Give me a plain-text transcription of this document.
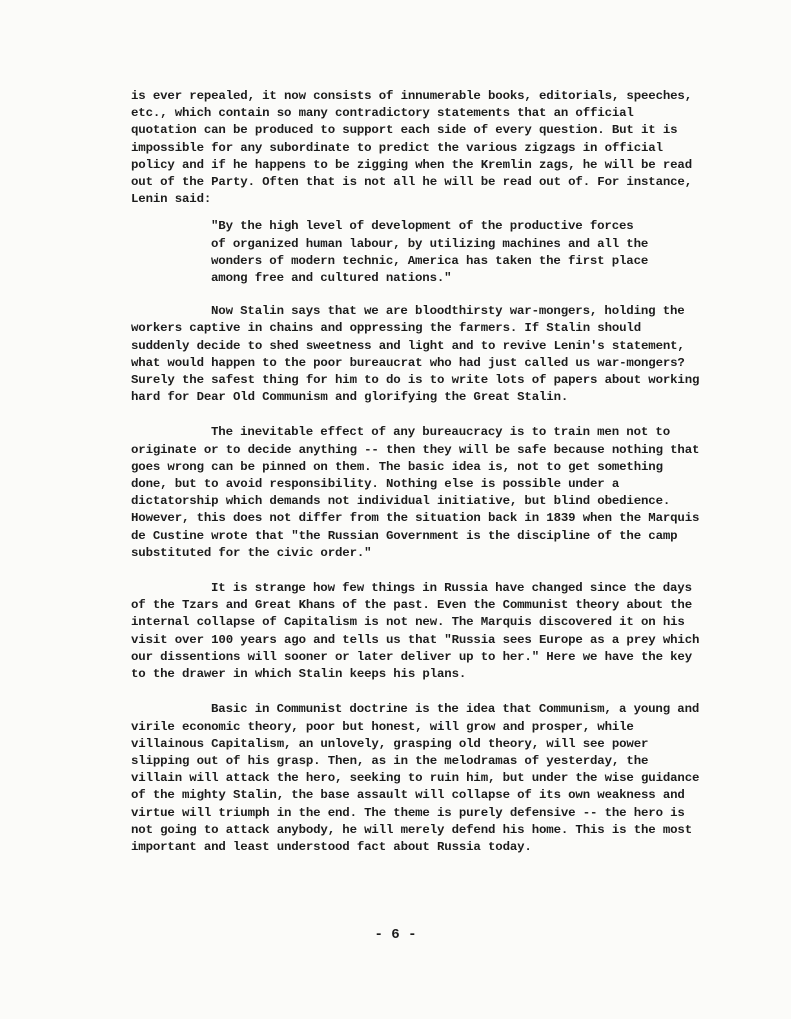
is ever repealed, it now consists of innumerable books, editorials, speeches, etc., which contain so many contradictory statements that an official quotation can be produced to support each side of every question. But it is impossible for any subordinate to predict the various zigzags in official policy and if he happens to be zigging when the Kremlin zags, he will be read out of the Party. Often that is not all he will be read out of. For instance, Lenin said:

"By the high level of development of the productive forces of organized human labour, by utilizing machines and all the wonders of modern technic, America has taken the first place among free and cultured nations."

Now Stalin says that we are bloodthirsty war-mongers, holding the workers captive in chains and oppressing the farmers. If Stalin should suddenly decide to shed sweetness and light and to revive Lenin's statement, what would happen to the poor bureaucrat who had just called us war-mongers? Surely the safest thing for him to do is to write lots of papers about working hard for Dear Old Communism and glorifying the Great Stalin.

The inevitable effect of any bureaucracy is to train men not to originate or to decide anything -- then they will be safe because nothing that goes wrong can be pinned on them. The basic idea is, not to get something done, but to avoid responsibility. Nothing else is possible under a dictatorship which demands not individual initiative, but blind obedience. However, this does not differ from the situation back in 1839 when the Marquis de Custine wrote that "the Russian Government is the discipline of the camp substituted for the civic order."

It is strange how few things in Russia have changed since the days of the Tzars and Great Khans of the past. Even the Communist theory about the internal collapse of Capitalism is not new. The Marquis discovered it on his visit over 100 years ago and tells us that "Russia sees Europe as a prey which our dissentions will sooner or later deliver up to her." Here we have the key to the drawer in which Stalin keeps his plans.

Basic in Communist doctrine is the idea that Communism, a young and virile economic theory, poor but honest, will grow and prosper, while villainous Capitalism, an unlovely, grasping old theory, will see power slipping out of his grasp. Then, as in the melodramas of yesterday, the villain will attack the hero, seeking to ruin him, but under the wise guidance of the mighty Stalin, the base assault will collapse of its own weakness and virtue will triumph in the end. The theme is purely defensive -- the hero is not going to attack anybody, he will merely defend his home. This is the most important and least understood fact about Russia today.

- 6 -
